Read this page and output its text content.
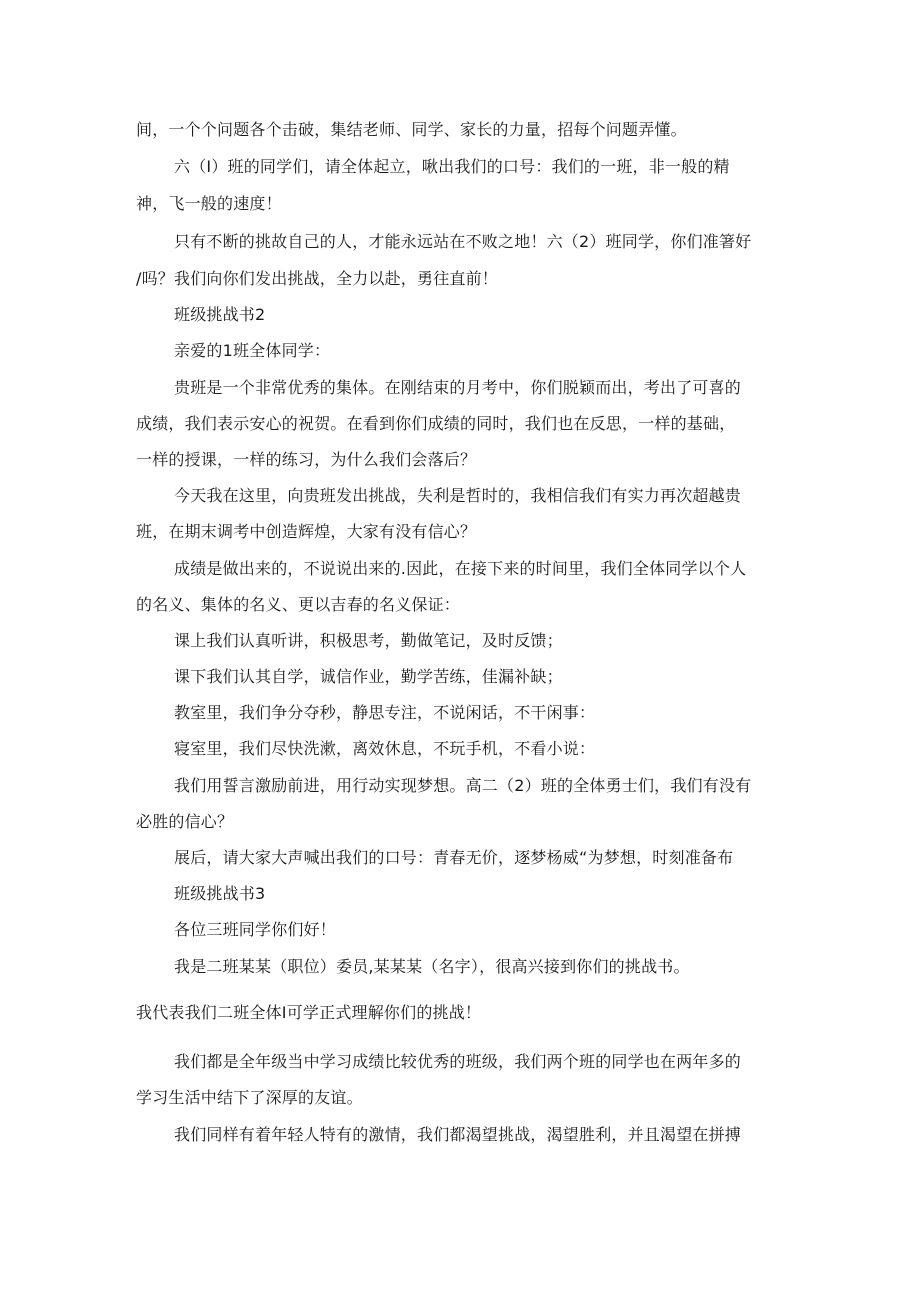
间，一个个问题各个击破，集结老师、同学、家长的力量，招每个问题弄懂。
六（I）班的同学们，请全体起立，啾出我们的口号：我们的一班，非一般的精
神，飞一般的速度！
只有不断的挑故自己的人，才能永远站在不败之地！六（2）班同学，你们准箸好
/吗？我们向你们发出挑战，全力以赴，勇往直前！
班级挑战书2
亲爱的1班全体同学：
贵班是一个非常优秀的集体。在刚结束的月考中，你们脱颖而出，考出了可喜的
成绩，我们表示安心的祝贺。在看到你们成绩的同时，我们也在反思，一样的基础，
一样的授课，一样的练习，为什么我们会落后？
今天我在这里，向贵班发出挑战，失利是哲时的，我相信我们有实力再次超越贵
班，在期末调考中创造辉煌，大家有没有信心？
成绩是做出来的，不说说出来的.因此，在接下来的时间里，我们全体同学以个人
的名义、集体的名义、更以吉春的名义保证：
课上我们认真听讲，积极思考，勤做笔记，及时反馈；
课下我们认其自学，诚信作业，勤学苦练，佳漏补缺；
教室里，我们争分夺秒，静思专注，不说闲话，不干闲事：
寝室里，我们尽快洗漱，离效休息，不玩手机，不看小说：
我们用誓言激励前进，用行动实现梦想。高二（2）班的全体勇士们，我们有没有
必胜的信心？
展后，请大家大声喊出我们的口号：青春无价，逐梦杨威“为梦想，时刻准备布
班级挑战书3
各位三班同学你们好！
我是二班某某（职位）委员,某某某（名字），很高兴接到你们的挑战书。
我代表我们二班全体I可学正式理解你们的挑战！
我们都是全年级当中学习成绩比较优秀的班级，我们两个班的同学也在两年多的
学习生活中结下了深厚的友谊。
我们同样有着年轻人特有的激情，我们都渴望挑战，渴望胜利，并且渴望在拼搏
